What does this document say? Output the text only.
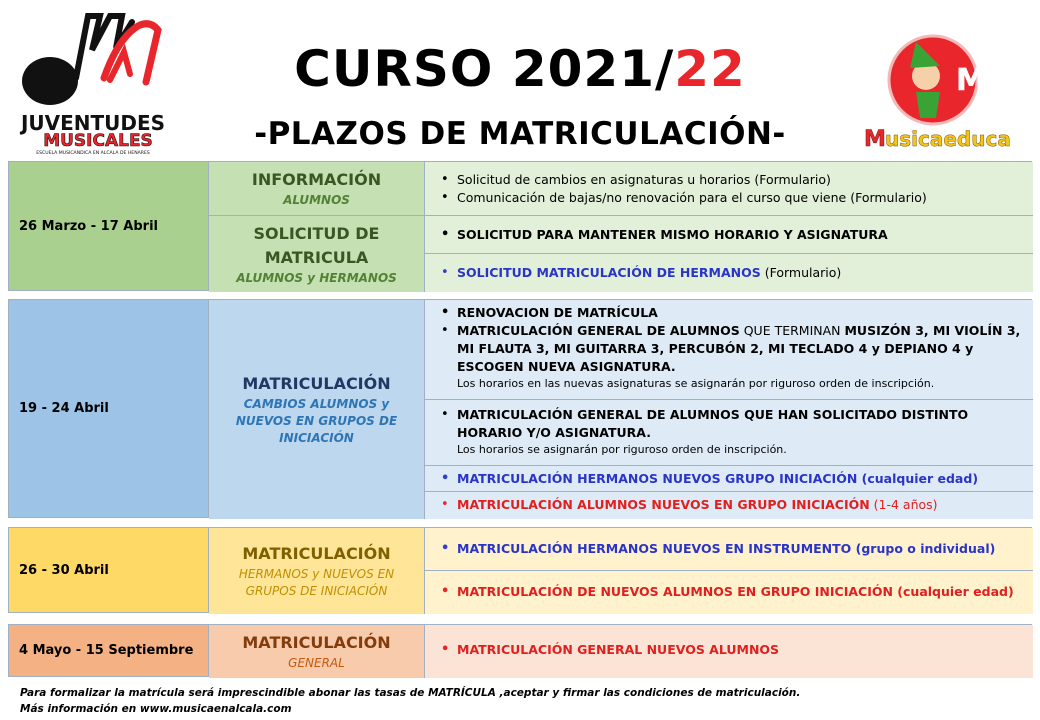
JUVENTUDES
MUSICALES
ESCUELA MUSICANDICA EN ALCALA DE HENARES
CURSO 2021/22
-PLAZOS DE MATRICULACIÓN-
M
M usicaeduca
26 Marzo - 17 Abril
INFORMACIÓN
ALUMNOS
SOLICITUD DE
MATRICULA
ALUMNOS y HERMANOS
• Solicitud de cambios en asignaturas u horarios (Formulario)
• Comunicación de bajas/no renovación para el curso que viene (Formulario)
• SOLICITUD PARA MANTENER MISMO HORARIO Y ASIGNATURA
• SOLICITUD MATRICULACIÓN DE HERMANOS (Formulario)
19 - 24 Abril
MATRICULACIÓN
CAMBIOS ALUMNOS y NUEVOS EN GRUPOS DE INICIACIÓN
• RENOVACION DE MATRÍCULA
• MATRICULACIÓN GENERAL DE ALUMNOS QUE TERMINAN MUSIZÓN 3, MI VIOLÍN 3, MI FLAUTA 3, MI GUITARRA 3, PERCUBÓN 2, MI TECLADO 4 y DEPIANO 4 y ESCOGEN NUEVA ASIGNATURA.
Los horarios en las nuevas asignaturas se asignarán por riguroso orden de inscripción.
• MATRICULACIÓN GENERAL DE ALUMNOS QUE HAN SOLICITADO DISTINTO HORARIO Y/O ASIGNATURA.
Los horarios se asignarán por riguroso orden de inscripción.
• MATRICULACIÓN HERMANOS NUEVOS GRUPO INICIACIÓN (cualquier edad)
• MATRICULACIÓN ALUMNOS NUEVOS EN GRUPO INICIACIÓN (1-4 años)
26 - 30 Abril
MATRICULACIÓN
HERMANOS y NUEVOS EN GRUPOS DE INICIACIÓN
• MATRICULACIÓN HERMANOS NUEVOS EN INSTRUMENTO (grupo o individual)
• MATRICULACIÓN DE NUEVOS ALUMNOS EN GRUPO INICIACIÓN (cualquier edad)
4 Mayo - 15 Septiembre	MATRICULACIÓN
GENERAL
• MATRICULACIÓN GENERAL NUEVOS ALUMNOS
Para formalizar la matrícula será imprescindible abonar las tasas de MATRÍCULA ,aceptar y firmar las condiciones de matriculación.
Más información en www.musicaenalcala.com
